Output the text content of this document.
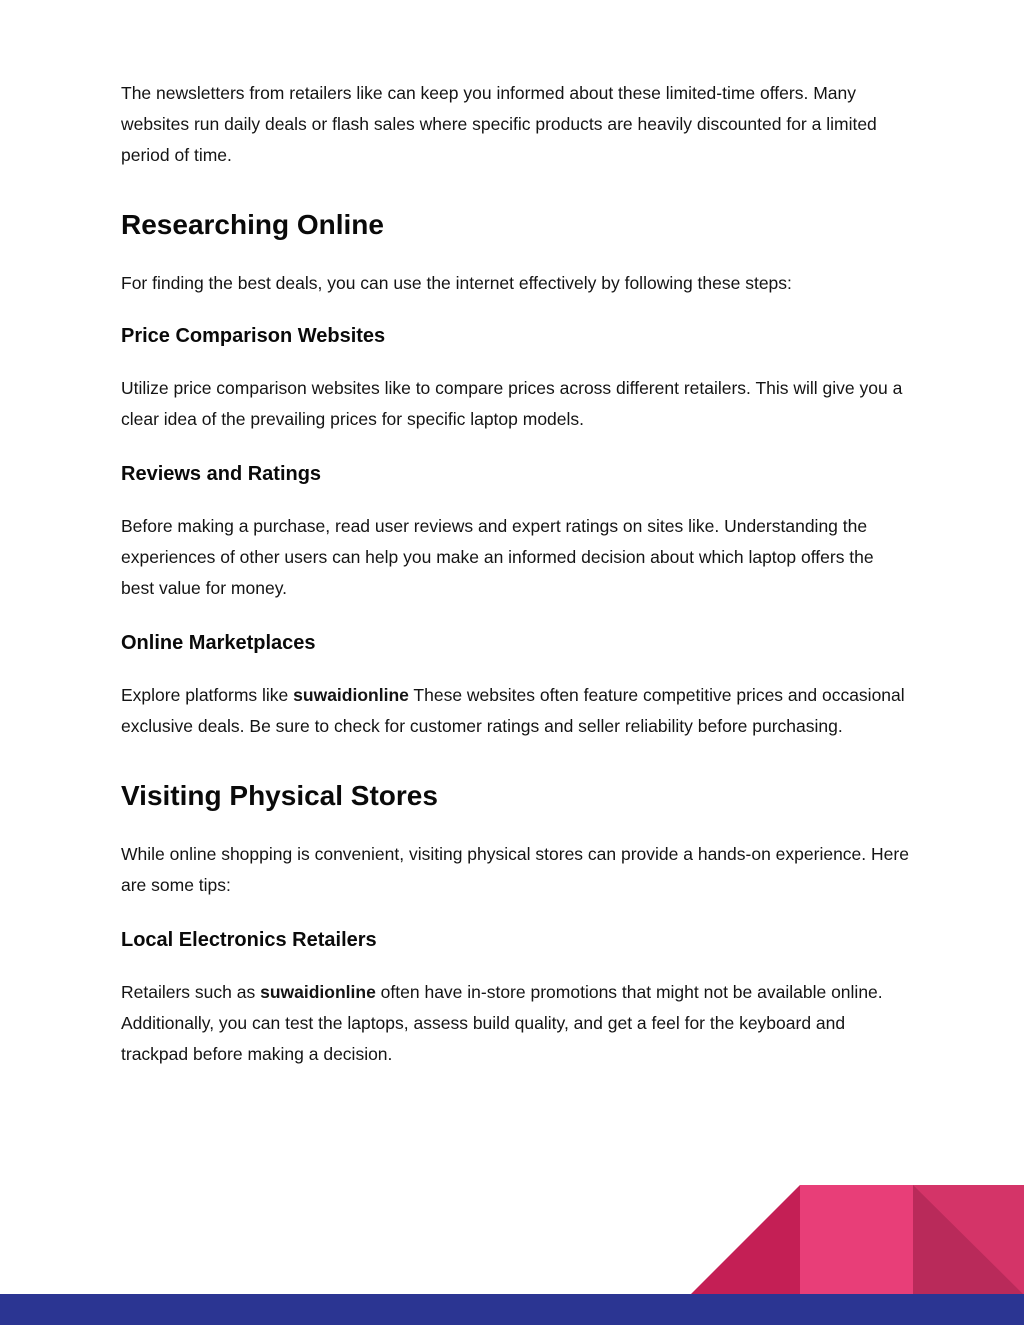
The newsletters from retailers like can keep you informed about these limited-time offers. Many websites run daily deals or flash sales where specific products are heavily discounted for a limited period of time.

Researching Online

For finding the best deals, you can use the internet effectively by following these steps:

Price Comparison Websites

Utilize price comparison websites like to compare prices across different retailers. This will give you a clear idea of the prevailing prices for specific laptop models.

Reviews and Ratings

Before making a purchase, read user reviews and expert ratings on sites like. Understanding the experiences of other users can help you make an informed decision about which laptop offers the best value for money.

Online Marketplaces

Explore platforms like suwaidionline These websites often feature competitive prices and occasional exclusive deals. Be sure to check for customer ratings and seller reliability before purchasing.

Visiting Physical Stores

While online shopping is convenient, visiting physical stores can provide a hands-on experience. Here are some tips:

Local Electronics Retailers

Retailers such as suwaidionline often have in-store promotions that might not be available online. Additionally, you can test the laptops, assess build quality, and get a feel for the keyboard and trackpad before making a decision.
